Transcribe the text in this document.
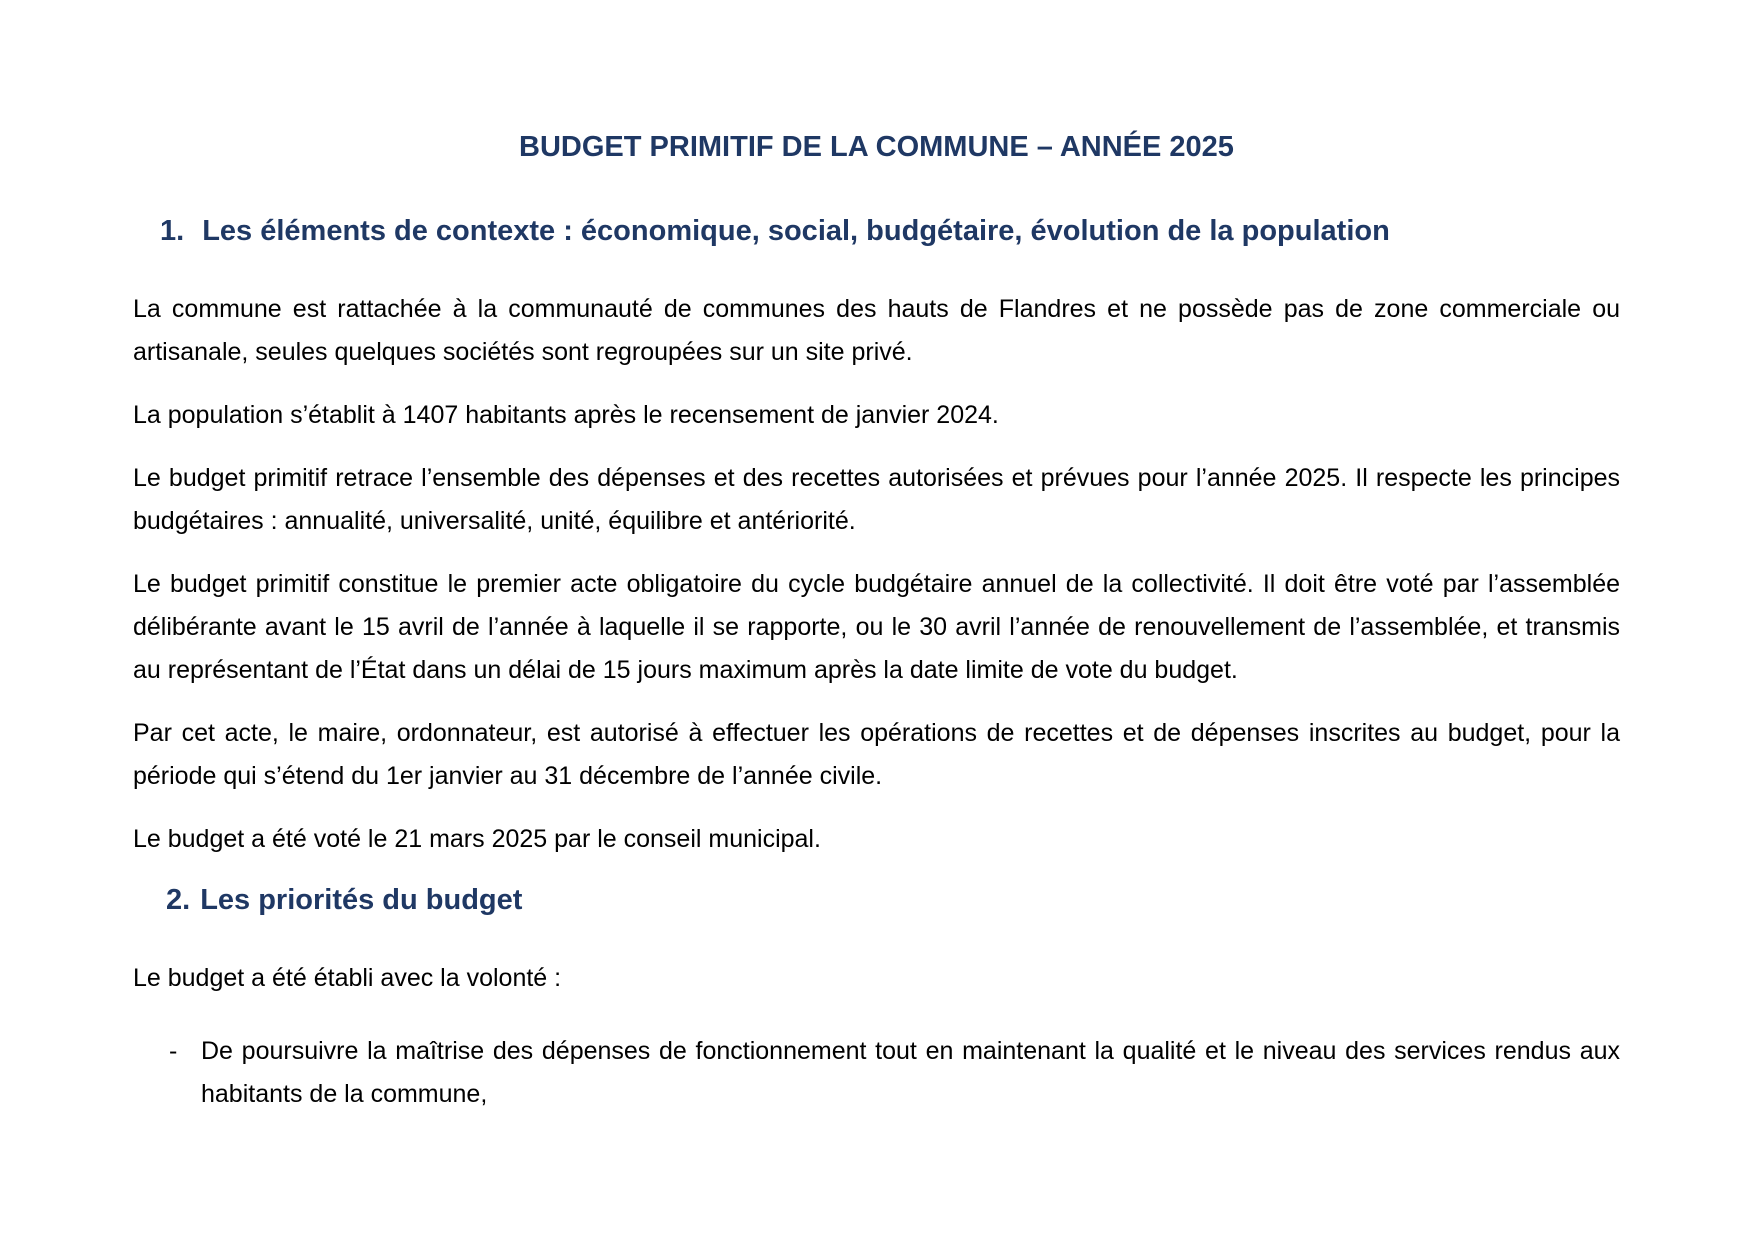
BUDGET PRIMITIF DE LA COMMUNE – ANNÉE 2025
1. Les éléments de contexte : économique, social, budgétaire, évolution de la population

La commune est rattachée à la communauté de communes des hauts de Flandres et ne possède pas de zone commerciale ou artisanale, seules quelques sociétés sont regroupées sur un site privé.

La population s’établit à 1407 habitants après le recensement de janvier 2024.

Le budget primitif retrace l’ensemble des dépenses et des recettes autorisées et prévues pour l’année 2025. Il respecte les principes budgétaires : annualité, universalité, unité, équilibre et antériorité.

Le budget primitif constitue le premier acte obligatoire du cycle budgétaire annuel de la collectivité. Il doit être voté par l’assemblée délibérante avant le 15 avril de l’année à laquelle il se rapporte, ou le 30 avril l’année de renouvellement de l’assemblée, et transmis au représentant de l’État dans un délai de 15 jours maximum après la date limite de vote du budget.

Par cet acte, le maire, ordonnateur, est autorisé à effectuer les opérations de recettes et de dépenses inscrites au budget, pour la période qui s’étend du 1er janvier au 31 décembre de l’année civile.

Le budget a été voté le 21 mars 2025 par le conseil municipal.

2. Les priorités du budget

Le budget a été établi avec la volonté :

- De poursuivre la maîtrise des dépenses de fonctionnement tout en maintenant la qualité et le niveau des services rendus aux habitants de la commune,
